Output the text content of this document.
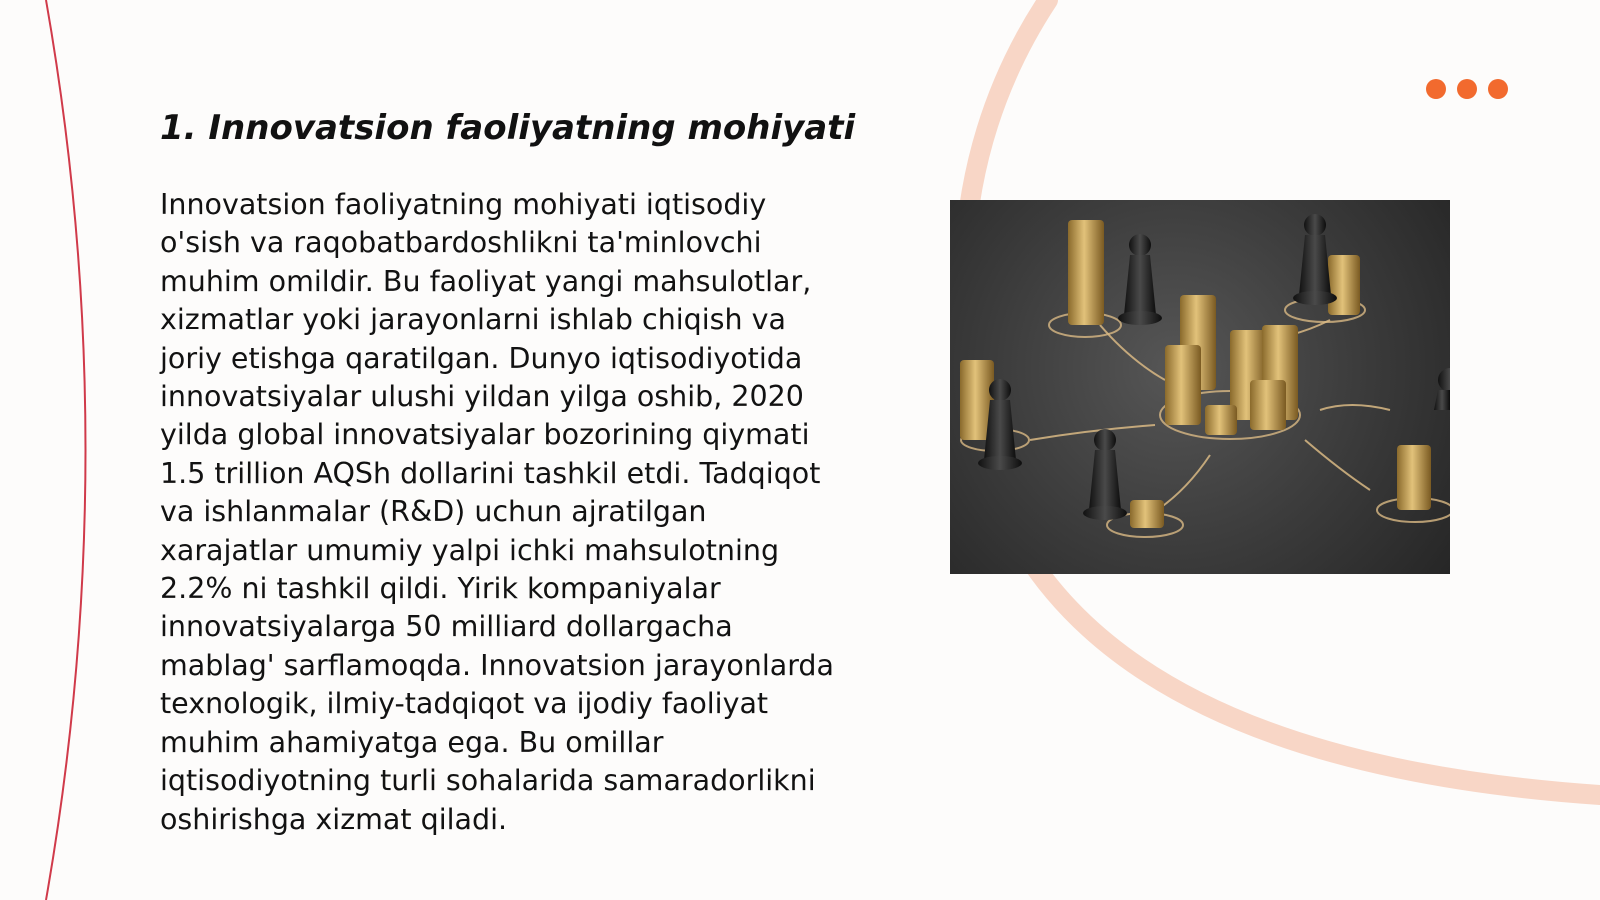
1. Innovatsion faoliyatning mohiyati

Innovatsion faoliyatning mohiyati iqtisodiy o'sish va raqobatbardoshlikni ta'minlovchi muhim omildir. Bu faoliyat yangi mahsulotlar, xizmatlar yoki jarayonlarni ishlab chiqish va joriy etishga qaratilgan. Dunyo iqtisodiyotida innovatsiyalar ulushi yildan yilga oshib, 2020 yilda global innovatsiyalar bozorining qiymati 1.5 trillion AQSh dollarini tashkil etdi. Tadqiqot va ishlanmalar (R&D) uchun ajratilgan xarajatlar umumiy yalpi ichki mahsulotning 2.2% ni tashkil qildi. Yirik kompaniyalar innovatsiyalarga 50 milliard dollargacha mablag' sarflamoqda. Innovatsion jarayonlarda texnologik, ilmiy-tadqiqot va ijodiy faoliyat muhim ahamiyatga ega. Bu omillar iqtisodiyotning turli sohalarida samaradorlikni oshirishga xizmat qiladi.
